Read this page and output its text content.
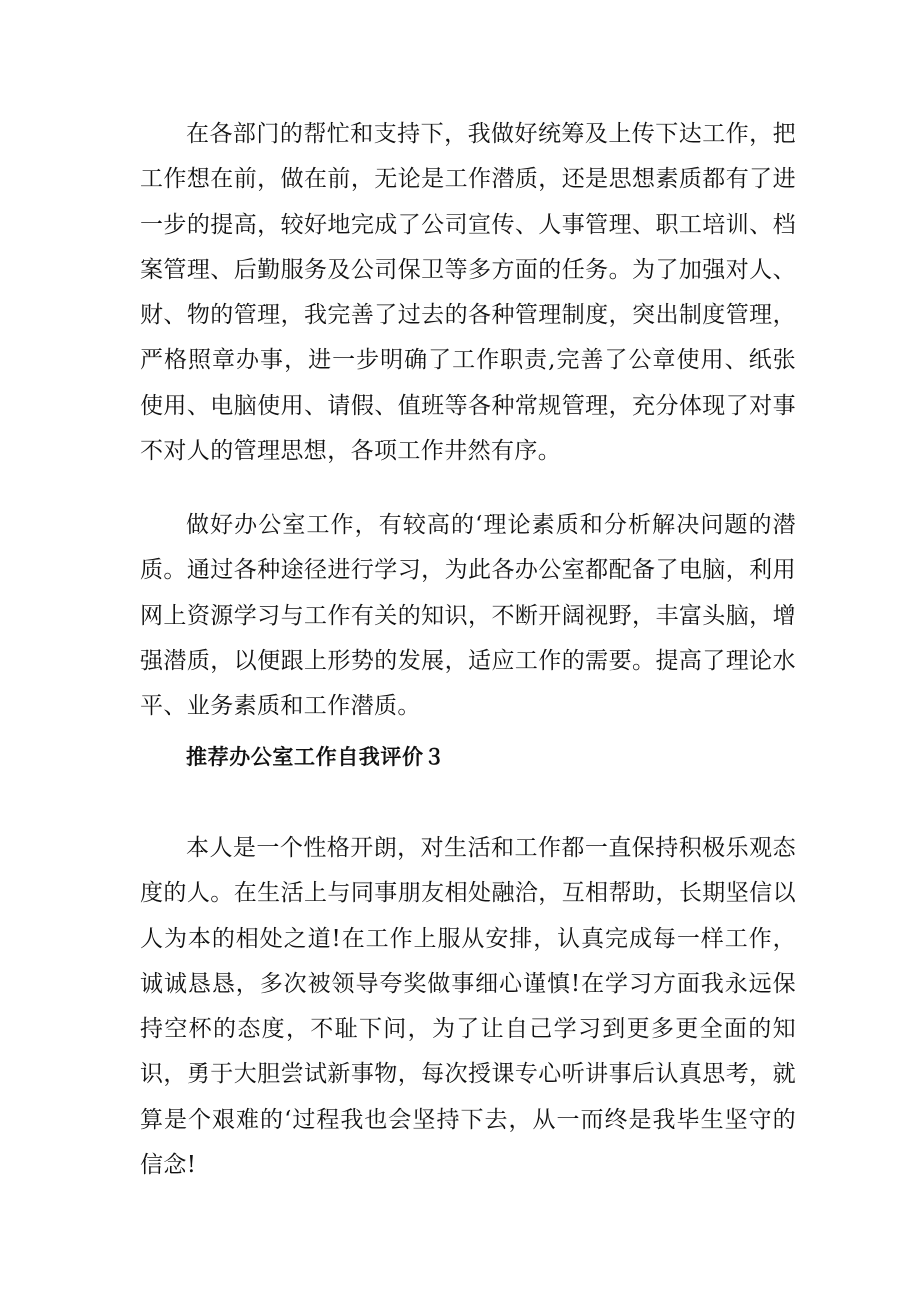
在各部门的帮忙和支持下，我做好统筹及上传下达工作，把工作想在前，做在前，无论是工作潜质，还是思想素质都有了进一步的提高，较好地完成了公司宣传、人事管理、职工培训、档案管理、后勤服务及公司保卫等多方面的任务。为了加强对人、财、物的管理，我完善了过去的各种管理制度，突出制度管理，严格照章办事，进一步明确了工作职责,完善了公章使用、纸张使用、电脑使用、请假、值班等各种常规管理，充分体现了对事不对人的管理思想，各项工作井然有序。

做好办公室工作，有较高的‘理论素质和分析解决问题的潜质。通过各种途径进行学习，为此各办公室都配备了电脑，利用网上资源学习与工作有关的知识，不断开阔视野，丰富头脑，增强潜质，以便跟上形势的发展，适应工作的需要。提高了理论水平、业务素质和工作潜质。

推荐办公室工作自我评价３

本人是一个性格开朗，对生活和工作都一直保持积极乐观态度的人。在生活上与同事朋友相处融洽，互相帮助，长期坚信以人为本的相处之道!在工作上服从安排，认真完成每一样工作，诚诚恳恳，多次被领导夸奖做事细心谨慎!在学习方面我永远保持空杯的态度，不耻下问，为了让自己学习到更多更全面的知识，勇于大胆尝试新事物，每次授课专心听讲事后认真思考，就算是个艰难的‘过程我也会坚持下去，从一而终是我毕生坚守的信念!
